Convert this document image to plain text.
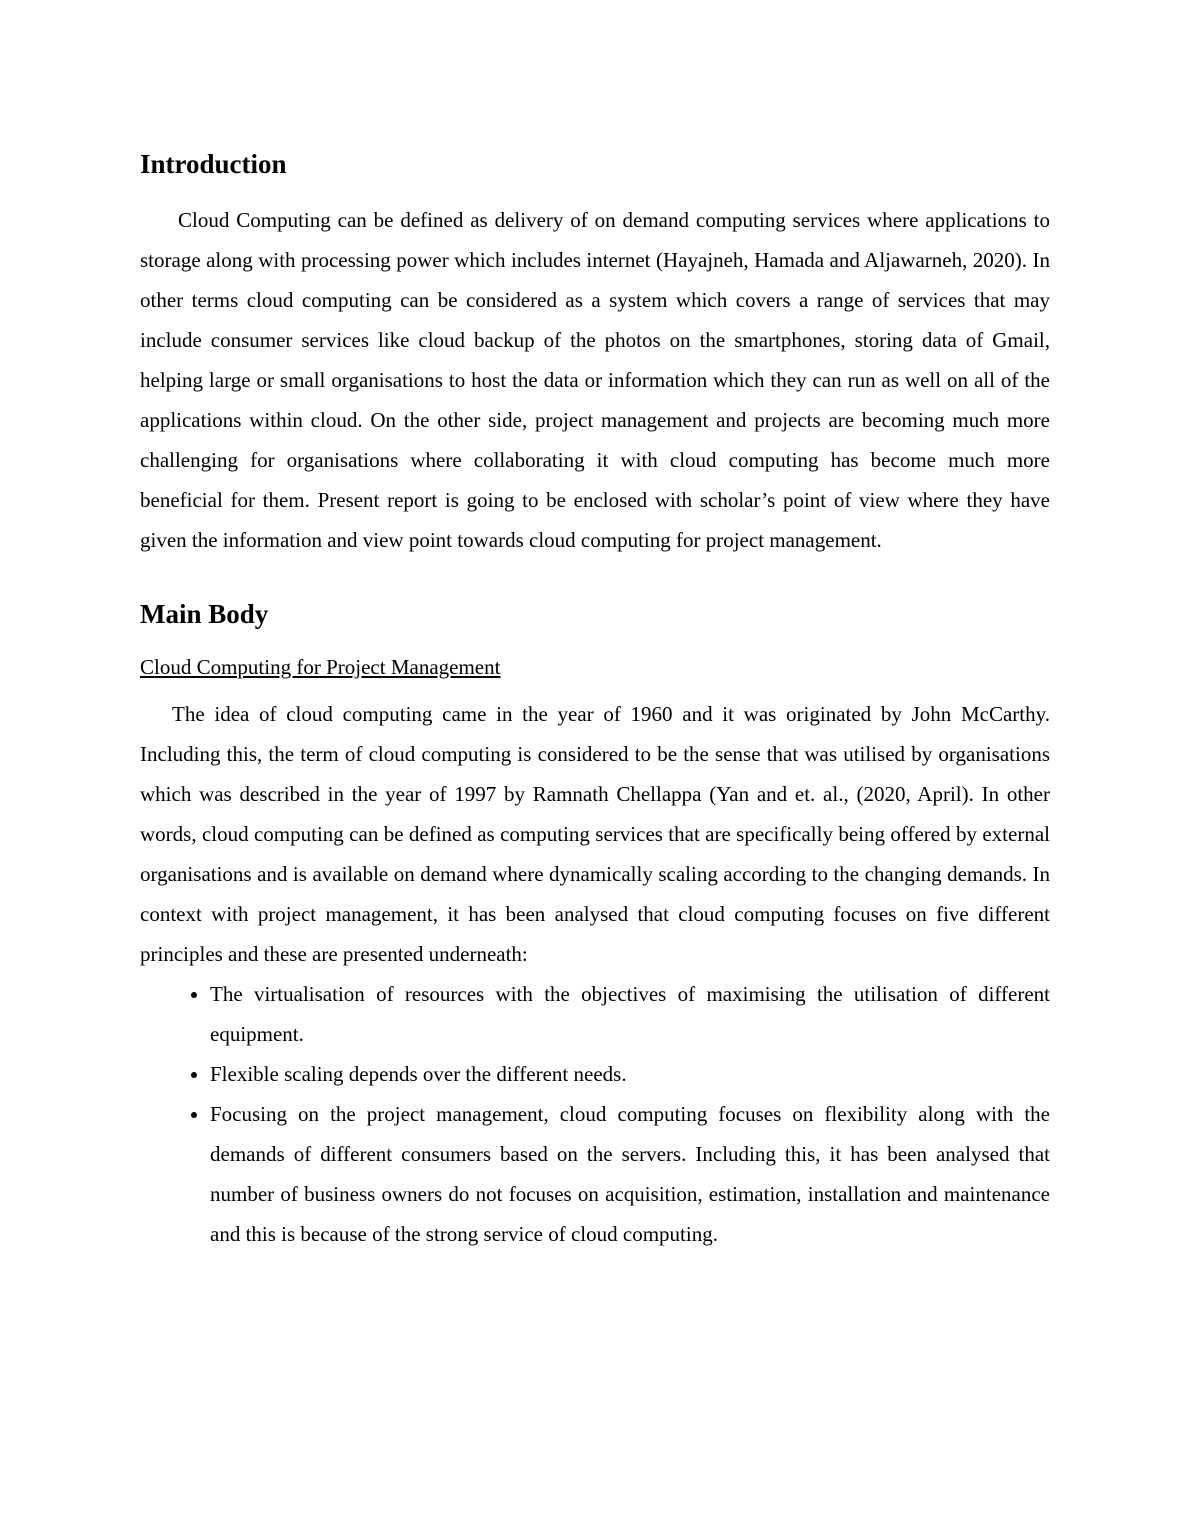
Introduction

Cloud Computing can be defined as delivery of on demand computing services where applications to storage along with processing power which includes internet (Hayajneh, Hamada and Aljawarneh, 2020). In other terms cloud computing can be considered as a system which covers a range of services that may include consumer services like cloud backup of the photos on the smartphones, storing data of Gmail, helping large or small organisations to host the data or information which they can run as well on all of the applications within cloud. On the other side, project management and projects are becoming much more challenging for organisations where collaborating it with cloud computing has become much more beneficial for them. Present report is going to be enclosed with scholar’s point of view where they have given the information and view point towards cloud computing for project management.

Main Body
Cloud Computing for Project Management

The idea of cloud computing came in the year of 1960 and it was originated by John McCarthy. Including this, the term of cloud computing is considered to be the sense that was utilised by organisations which was described in the year of 1997 by Ramnath Chellappa (Yan and et. al., (2020, April). In other words, cloud computing can be defined as computing services that are specifically being offered by external organisations and is available on demand where dynamically scaling according to the changing demands. In context with project management, it has been analysed that cloud computing focuses on five different principles and these are presented underneath:

• The virtualisation of resources with the objectives of maximising the utilisation of different equipment.
• Flexible scaling depends over the different needs.
• Focusing on the project management, cloud computing focuses on flexibility along with the demands of different consumers based on the servers. Including this, it has been analysed that number of business owners do not focuses on acquisition, estimation, installation and maintenance and this is because of the strong service of cloud computing.
